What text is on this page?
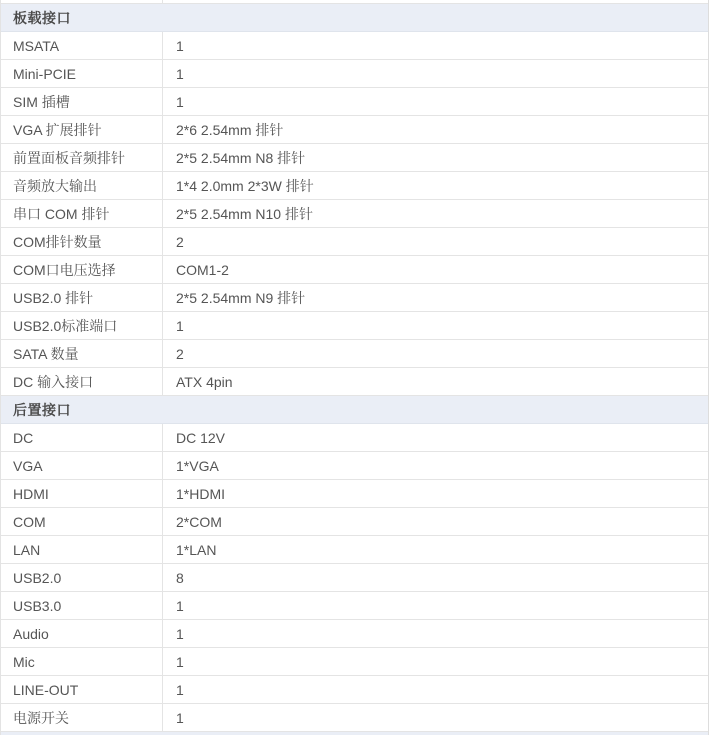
板载接口
MSATA	1
Mini-PCIE	1
SIM 插槽	1
VGA 扩展排针	2*6 2.54mm 排针
前置面板音频排针	2*5 2.54mm N8 排针
音频放大输出	1*4 2.0mm 2*3W 排针
串口 COM 排针	2*5 2.54mm N10 排针
COM排针数量	2
COM口电压选择	COM1-2
USB2.0 排针	2*5 2.54mm N9 排针
USB2.0标准端口	1
SATA 数量	2
DC 输入接口	ATX 4pin
后置接口
DC	DC 12V
VGA	1*VGA
HDMI	1*HDMI
COM	2*COM
LAN	1*LAN
USB2.0	8
USB3.0	1
Audio	1
Mic	1
LINE-OUT	1
电源开关	1
